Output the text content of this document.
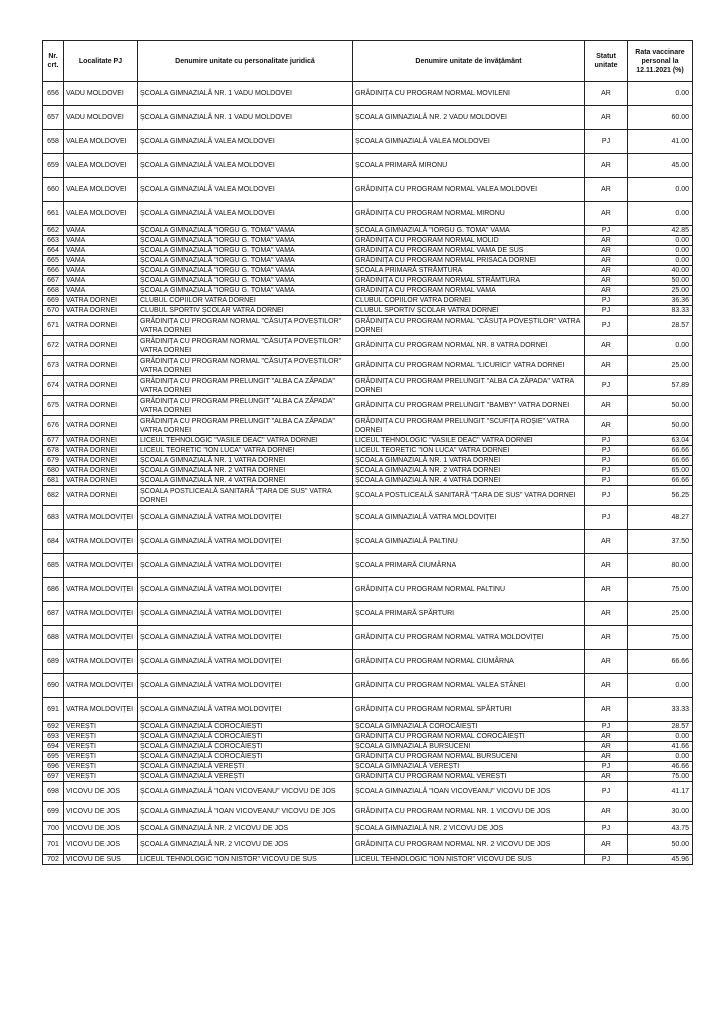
Nr. crt.	Localitate PJ	Denumire unitate cu personalitate juridică	Denumire unitate de învățământ	Statut unitate	Rata vaccinare personal la 12.11.2021 (%)
656	VADU MOLDOVEI	ȘCOALA GIMNAZIALĂ NR. 1 VADU MOLDOVEI	GRĂDINIȚA CU PROGRAM NORMAL MOVILENI	AR	0.00
657	VADU MOLDOVEI	ȘCOALA GIMNAZIALĂ NR. 1 VADU MOLDOVEI	ȘCOALA GIMNAZIALĂ NR. 2 VADU MOLDOVEI	AR	60.00
658	VALEA MOLDOVEI	ȘCOALA GIMNAZIALĂ VALEA MOLDOVEI	ȘCOALA GIMNAZIALĂ VALEA MOLDOVEI	PJ	41.00
659	VALEA MOLDOVEI	ȘCOALA GIMNAZIALĂ VALEA MOLDOVEI	ȘCOALA PRIMARĂ MIRONU	AR	45.00
660	VALEA MOLDOVEI	ȘCOALA GIMNAZIALĂ VALEA MOLDOVEI	GRĂDINIȚA CU PROGRAM NORMAL VALEA MOLDOVEI	AR	0.00
661	VALEA MOLDOVEI	ȘCOALA GIMNAZIALĂ VALEA MOLDOVEI	GRĂDINIȚA CU PROGRAM NORMAL MIRONU	AR	0.00
662	VAMA	ȘCOALA GIMNAZIALĂ "IORGU G. TOMA" VAMA	ȘCOALA GIMNAZIALĂ "IORGU G. TOMA" VAMA	PJ	42.85
663	VAMA	ȘCOALA GIMNAZIALĂ "IORGU G. TOMA" VAMA	GRĂDINIȚA CU PROGRAM NORMAL MOLID	AR	0.00
664	VAMA	ȘCOALA GIMNAZIALĂ "IORGU G. TOMA" VAMA	GRĂDINIȚA CU PROGRAM NORMAL VAMA DE SUS	AR	0.00
665	VAMA	ȘCOALA GIMNAZIALĂ "IORGU G. TOMA" VAMA	GRĂDINIȚA CU PROGRAM NORMAL PRISACA DORNEI	AR	0.00
666	VAMA	ȘCOALA GIMNAZIALĂ "IORGU G. TOMA" VAMA	ȘCOALA PRIMARĂ STRĂMTURA	AR	40.00
667	VAMA	ȘCOALA GIMNAZIALĂ "IORGU G. TOMA" VAMA	GRĂDINIȚA CU PROGRAM NORMAL STRĂMTURA	AR	50.00
668	VAMA	ȘCOALA GIMNAZIALĂ "IORGU G. TOMA" VAMA	GRĂDINIȚA CU PROGRAM NORMAL VAMA	AR	25.00
669	VATRA DORNEI	CLUBUL COPIILOR VATRA DORNEI	CLUBUL COPIILOR VATRA DORNEI	PJ	36.36
670	VATRA DORNEI	CLUBUL SPORTIV ȘCOLAR VATRA DORNEI	CLUBUL SPORTIV ȘCOLAR VATRA DORNEI	PJ	83.33
671	VATRA DORNEI	GRĂDINIȚA CU PROGRAM NORMAL "CĂSUȚA POVEȘTILOR" VATRA DORNEI	GRĂDINIȚA CU PROGRAM NORMAL "CĂSUȚA POVEȘTILOR" VATRA DORNEI	PJ	28.57
672	VATRA DORNEI	GRĂDINIȚA CU PROGRAM NORMAL "CĂSUȚA POVEȘTILOR" VATRA DORNEI	GRĂDINIȚA CU PROGRAM NORMAL NR. 8 VATRA DORNEI	AR	0.00
673	VATRA DORNEI	GRĂDINIȚA CU PROGRAM NORMAL "CĂSUȚA POVEȘTILOR" VATRA DORNEI	GRĂDINIȚA CU PROGRAM NORMAL "LICURICI" VATRA DORNEI	AR	25.00
674	VATRA DORNEI	GRĂDINIȚA CU PROGRAM PRELUNGIT "ALBA CA ZĂPADA" VATRA DORNEI	GRĂDINIȚA CU PROGRAM PRELUNGIT "ALBA CA ZĂPADA" VATRA DORNEI	PJ	57.89
675	VATRA DORNEI	GRĂDINIȚA CU PROGRAM PRELUNGIT "ALBA CA ZĂPADA" VATRA DORNEI	GRĂDINIȚA CU PROGRAM PRELUNGIT "BAMBY" VATRA DORNEI	AR	50.00
676	VATRA DORNEI	GRĂDINIȚA CU PROGRAM PRELUNGIT "ALBA CA ZĂPADA" VATRA DORNEI	GRĂDINIȚA CU PROGRAM PRELUNGIT "SCUFIȚA ROȘIE" VATRA DORNEI	AR	50.00
677	VATRA DORNEI	LICEUL TEHNOLOGIC "VASILE DEAC" VATRA DORNEI	LICEUL TEHNOLOGIC "VASILE DEAC" VATRA DORNEI	PJ	63.04
678	VATRA DORNEI	LICEUL TEORETIC "ION LUCA" VATRA DORNEI	LICEUL TEORETIC "ION LUCA" VATRA DORNEI	PJ	66.66
679	VATRA DORNEI	ȘCOALA GIMNAZIALĂ NR. 1 VATRA DORNEI	ȘCOALA GIMNAZIALĂ NR. 1 VATRA DORNEI	PJ	66.66
680	VATRA DORNEI	ȘCOALA GIMNAZIALĂ NR. 2 VATRA DORNEI	ȘCOALA GIMNAZIALĂ NR. 2 VATRA DORNEI	PJ	65.00
681	VATRA DORNEI	ȘCOALA GIMNAZIALĂ NR. 4 VATRA DORNEI	ȘCOALA GIMNAZIALĂ NR. 4 VATRA DORNEI	PJ	66.66
682	VATRA DORNEI	ȘCOALA POSTLICEALĂ SANITARĂ "ȚARA DE SUS" VATRA DORNEI	ȘCOALA POSTLICEALĂ SANITARĂ "ȚARA DE SUS" VATRA DORNEI	PJ	56.25
683	VATRA MOLDOVIȚEI	ȘCOALA GIMNAZIALĂ VATRA MOLDOVIȚEI	ȘCOALA GIMNAZIALĂ VATRA MOLDOVIȚEI	PJ	48.27
684	VATRA MOLDOVIȚEI	ȘCOALA GIMNAZIALĂ VATRA MOLDOVIȚEI	ȘCOALA GIMNAZIALĂ PALTINU	AR	37.50
685	VATRA MOLDOVIȚEI	ȘCOALA GIMNAZIALĂ VATRA MOLDOVIȚEI	ȘCOALA PRIMARĂ CIUMÂRNA	AR	80.00
686	VATRA MOLDOVIȚEI	ȘCOALA GIMNAZIALĂ VATRA MOLDOVIȚEI	GRĂDINIȚA CU PROGRAM NORMAL PALTINU	AR	75.00
687	VATRA MOLDOVIȚEI	ȘCOALA GIMNAZIALĂ VATRA MOLDOVIȚEI	ȘCOALA PRIMARĂ SPĂRTURI	AR	25.00
688	VATRA MOLDOVIȚEI	ȘCOALA GIMNAZIALĂ VATRA MOLDOVIȚEI	GRĂDINIȚA CU PROGRAM NORMAL VATRA MOLDOVIȚEI	AR	75.00
689	VATRA MOLDOVIȚEI	ȘCOALA GIMNAZIALĂ VATRA MOLDOVIȚEI	GRĂDINIȚA CU PROGRAM NORMAL CIUMÂRNA	AR	66.66
690	VATRA MOLDOVIȚEI	ȘCOALA GIMNAZIALĂ VATRA MOLDOVIȚEI	GRĂDINIȚA CU PROGRAM NORMAL VALEA STÂNEI	AR	0.00
691	VATRA MOLDOVIȚEI	ȘCOALA GIMNAZIALĂ VATRA MOLDOVIȚEI	GRĂDINIȚA CU PROGRAM NORMAL SPĂRTURI	AR	33.33
692	VEREȘTI	ȘCOALA GIMNAZIALĂ COROCĂIEȘTI	ȘCOALA GIMNAZIALĂ COROCĂIEȘTI	PJ	28.57
693	VEREȘTI	ȘCOALA GIMNAZIALĂ COROCĂIEȘTI	GRĂDINIȚA CU PROGRAM NORMAL COROCĂIEȘTI	AR	0.00
694	VEREȘTI	ȘCOALA GIMNAZIALĂ COROCĂIEȘTI	ȘCOALA GIMNAZIALĂ BURSUCENI	AR	41.66
695	VEREȘTI	ȘCOALA GIMNAZIALĂ COROCĂIEȘTI	GRĂDINIȚA CU PROGRAM NORMAL BURSUCENI	AR	0.00
696	VEREȘTI	ȘCOALA GIMNAZIALĂ VEREȘTI	ȘCOALA GIMNAZIALĂ VEREȘTI	PJ	46.66
697	VEREȘTI	ȘCOALA GIMNAZIALĂ VEREȘTI	GRĂDINIȚA CU PROGRAM NORMAL VEREȘTI	AR	75.00
698	VICOVU DE JOS	ȘCOALA GIMNAZIALĂ "IOAN VICOVEANU" VICOVU DE JOS	ȘCOALA GIMNAZIALĂ "IOAN VICOVEANU" VICOVU DE JOS	PJ	41.17
699	VICOVU DE JOS	ȘCOALA GIMNAZIALĂ "IOAN VICOVEANU" VICOVU DE JOS	GRĂDINIȚA CU PROGRAM NORMAL NR. 1 VICOVU DE JOS	AR	30.00
700	VICOVU DE JOS	ȘCOALA GIMNAZIALĂ NR. 2 VICOVU DE JOS	ȘCOALA GIMNAZIALĂ NR. 2 VICOVU DE JOS	PJ	43.75
701	VICOVU DE JOS	ȘCOALA GIMNAZIALĂ NR. 2 VICOVU DE JOS	GRĂDINIȚA CU PROGRAM NORMAL NR. 2 VICOVU DE JOS	AR	50.00
702	VICOVU DE SUS	LICEUL TEHNOLOGIC "ION NISTOR" VICOVU DE SUS	LICEUL TEHNOLOGIC "ION NISTOR" VICOVU DE SUS	PJ	45.96
